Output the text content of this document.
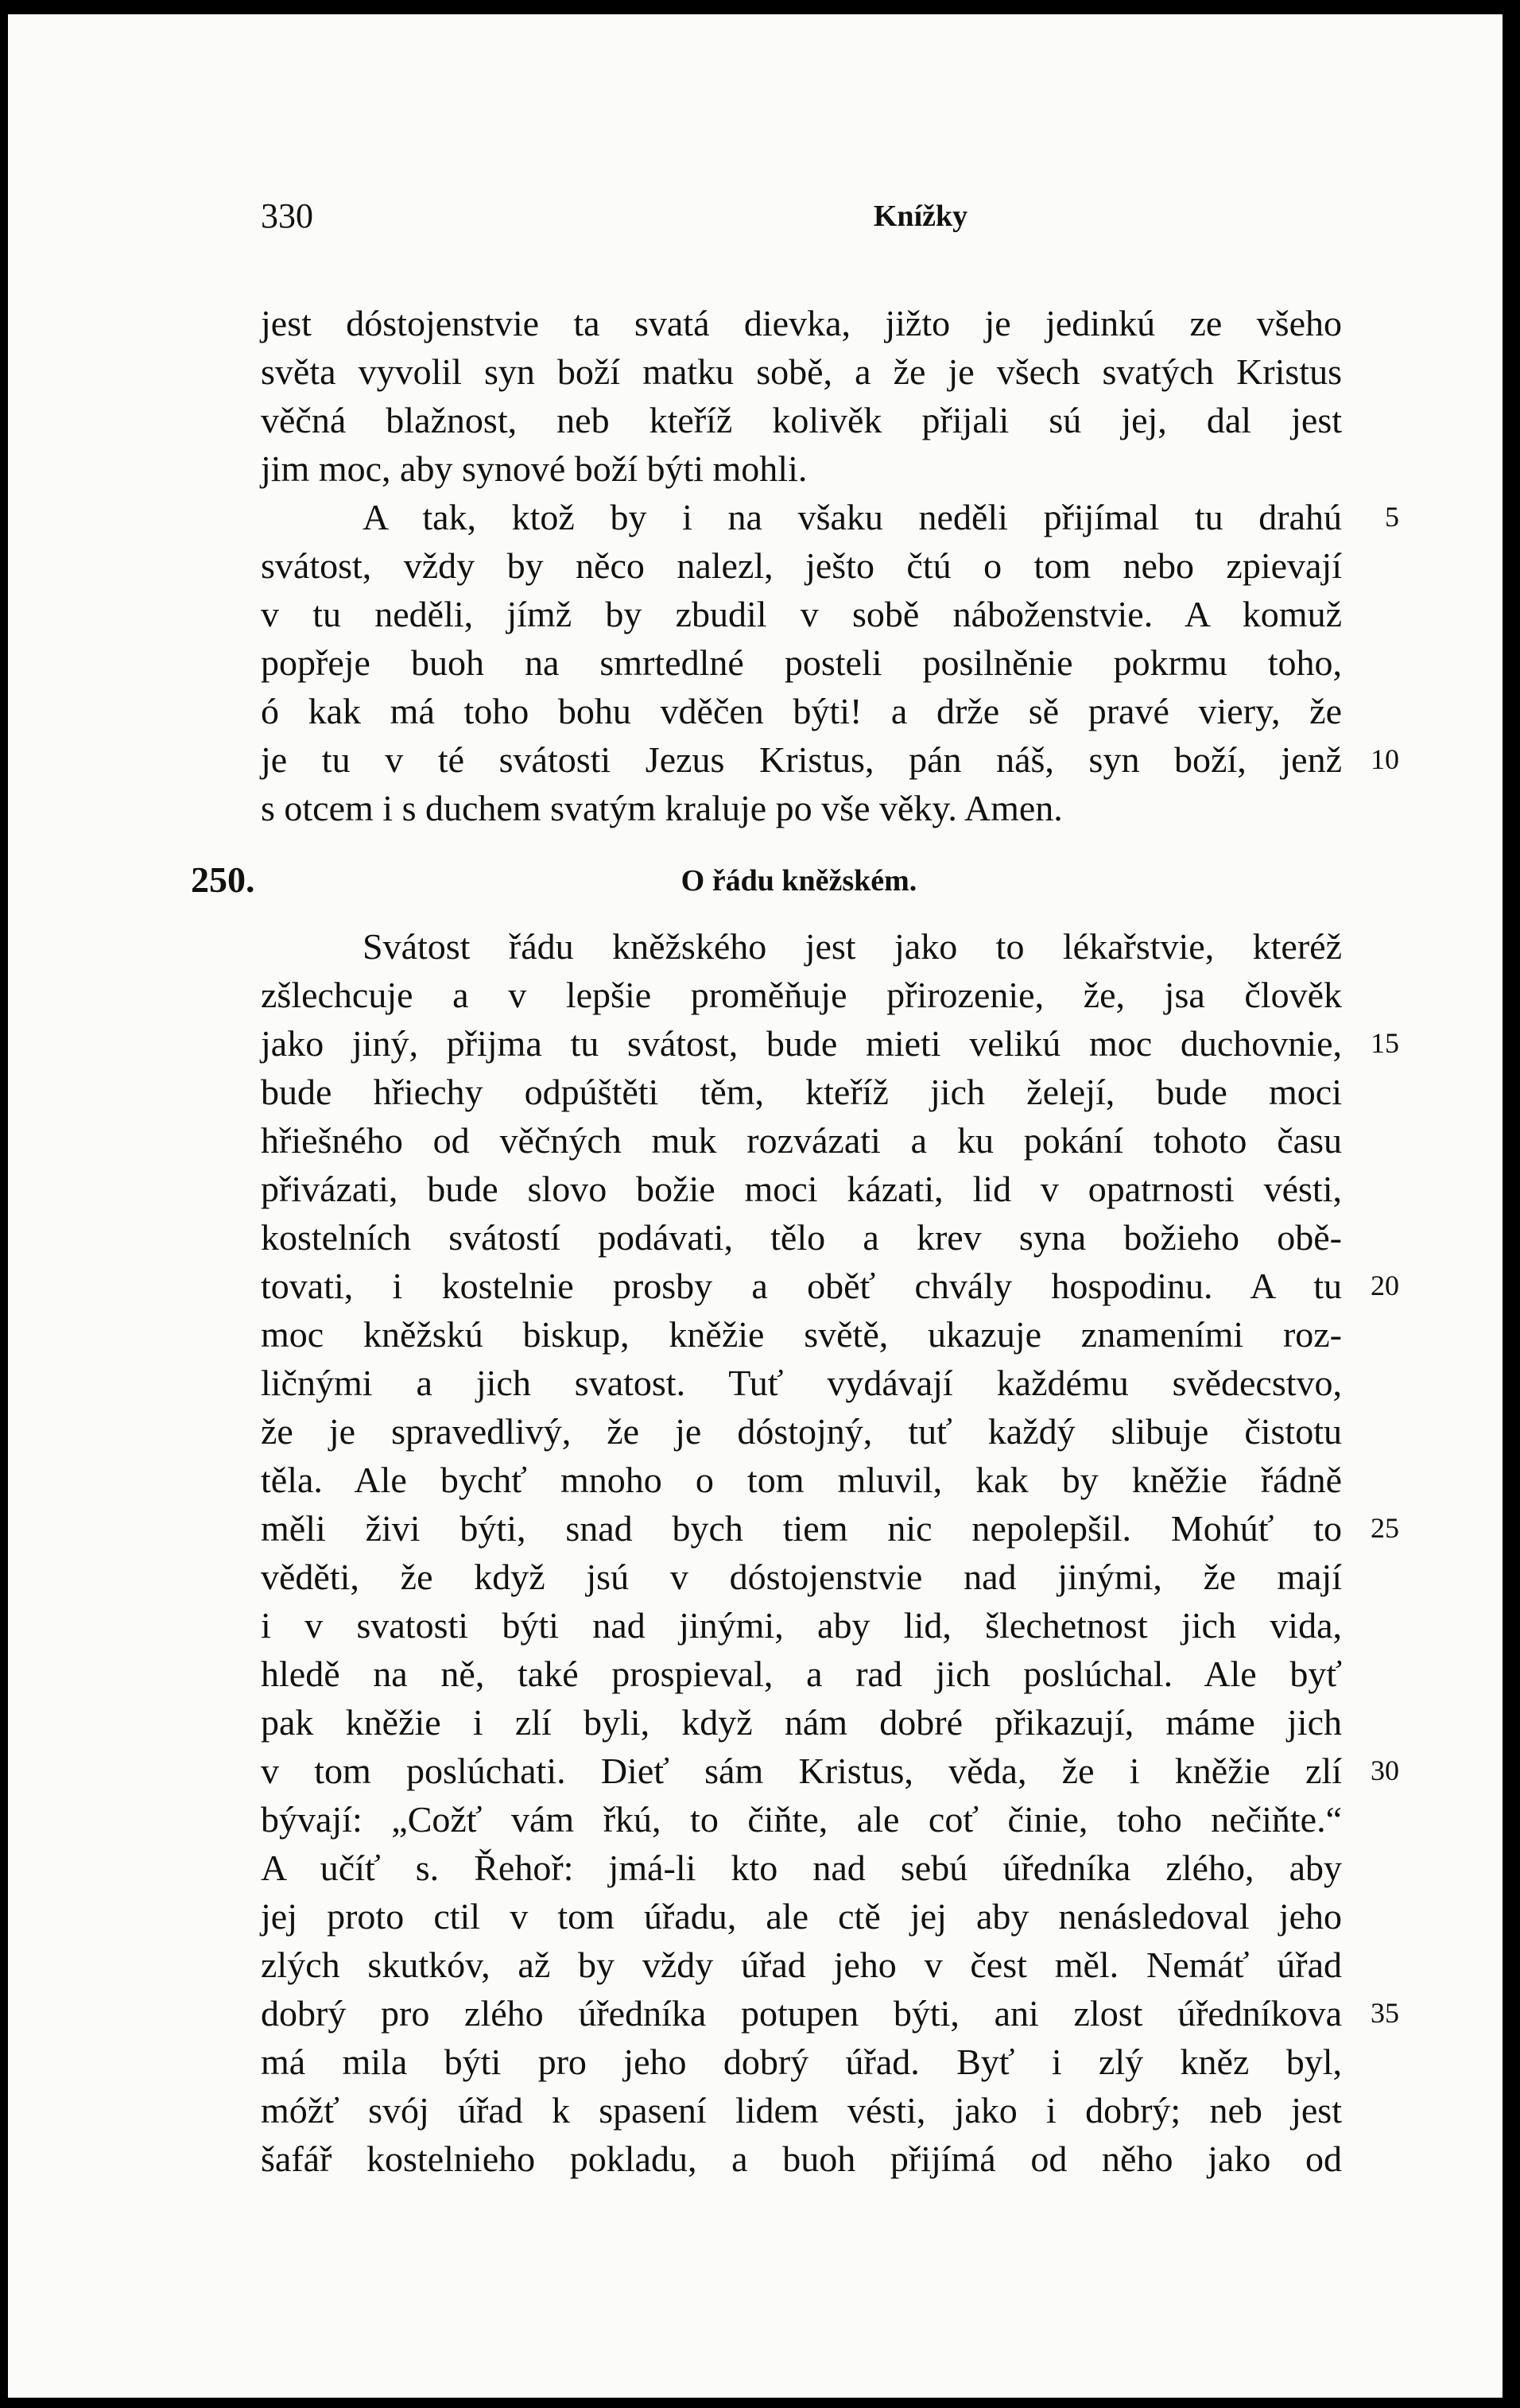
330	Knížky
jest dóstojenstvie ta svatá dievka, jižto je jedinkú ze všeho
světa vyvolil syn boží matku sobě, a že je všech svatých Kristus
věčná blažnost, neb kteříž kolivěk přijali sú jej, dal jest
jim moc, aby synové boží býti mohli.
A tak, ktož by i na všaku neděli přijímal tu drahú 5
svátost, vždy by něco nalezl, ješto čtú o tom nebo zpievají
v tu neděli, jímž by zbudil v sobě náboženstvie. A komuž
popřeje buoh na smrtedlné posteli posilněnie pokrmu toho,
ó kak má toho bohu vděčen býti! a drže sě pravé viery, že
je tu v té svátosti Jezus Kristus, pán náš, syn boží, jenž 10
s otcem i s duchem svatým kraluje po vše věky. Amen.
250.	O řádu kněžském.
Svátost řádu kněžského jest jako to lékařstvie, kteréž
zšlechcuje a v lepšie proměňuje přirozenie, že, jsa člověk
jako jiný, přijma tu svátost, bude mieti velikú moc duchovnie, 15
bude hřiechy odpúštěti těm, kteříž jich želejí, bude moci
hřiešného od věčných muk rozvázati a ku pokání tohoto času
přivázati, bude slovo božie moci kázati, lid v opatrnosti vésti,
kostelních svátostí podávati, tělo a krev syna božieho obě-
tovati, i kostelnie prosby a oběť chvály hospodinu. A tu 20
moc kněžskú biskup, kněžie světě, ukazuje znameními roz-
ličnými a jich svatost. Tuť vydávají každému svědecstvo,
že je spravedlivý, že je dóstojný, tuť každý slibuje čistotu
těla. Ale bychť mnoho o tom mluvil, kak by kněžie řádně
měli živi býti, snad bych tiem nic nepolepšil. Mohúť to 25
věděti, že když jsú v dóstojenstvie nad jinými, že mají
i v svatosti býti nad jinými, aby lid, šlechetnost jich vida,
hledě na ně, také prospieval, a rad jich poslúchal. Ale byť
pak kněžie i zlí byli, když nám dobré přikazují, máme jich
v tom poslúchati. Dieť sám Kristus, věda, že i kněžie zlí 30
bývají: „Cožť vám řkú, to čiňte, ale coť činie, toho nečiňte.“
A učíť s. Řehoř: jmá-li kto nad sebú úředníka zlého, aby
jej proto ctil v tom úřadu, ale ctě jej aby nenásledoval jeho
zlých skutkóv, až by vždy úřad jeho v čest měl. Nemáť úřad
dobrý pro zlého úředníka potupen býti, ani zlost úředníkova 35
má mila býti pro jeho dobrý úřad. Byť i zlý kněz byl,
móžť svój úřad k spasení lidem vésti, jako i dobrý; neb jest
šafář kostelnieho pokladu, a buoh přijímá od něho jako od
